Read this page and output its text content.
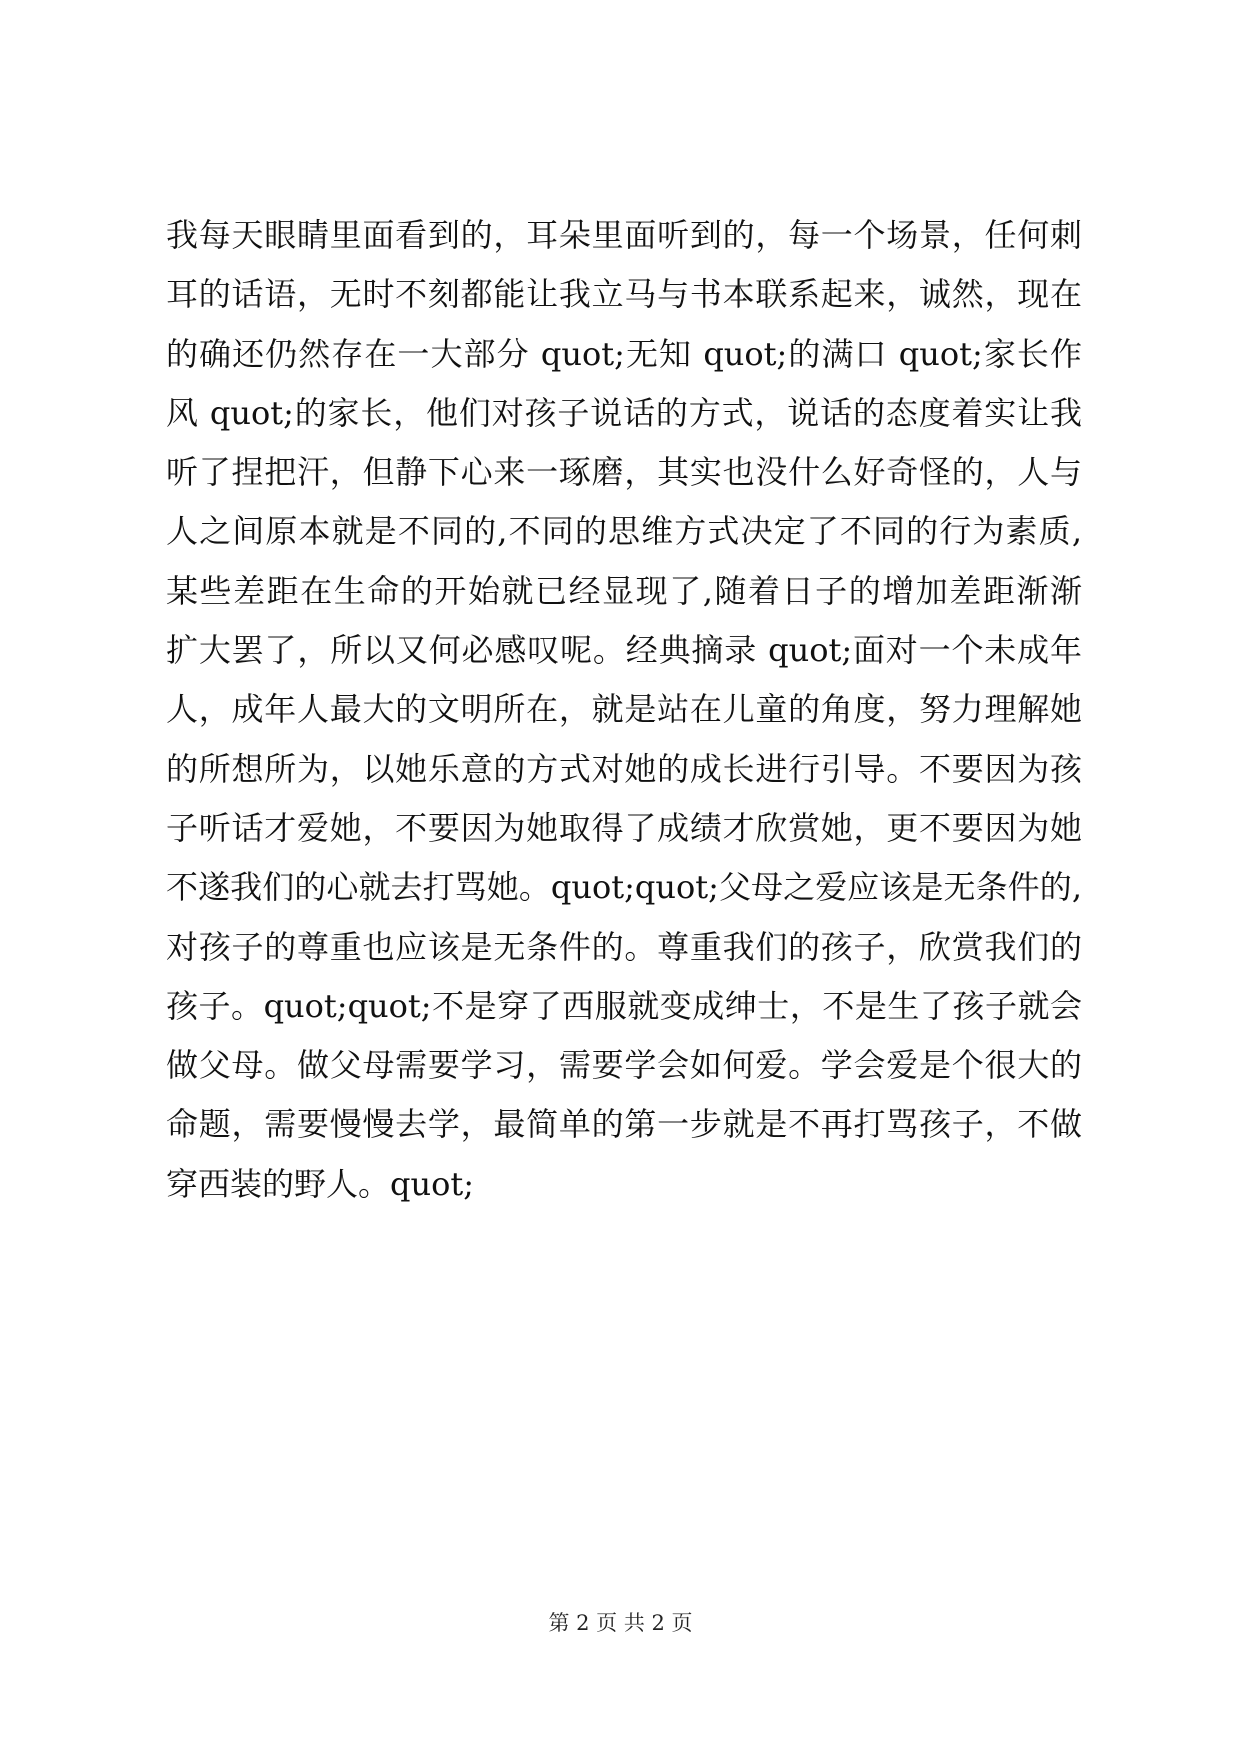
我每天眼睛里面看到的，耳朵里面听到的，每一个场景，任何刺
耳的话语，无时不刻都能让我立马与书本联系起来，诚然，现在
的确还仍然存在一大部分 quot;无知 quot;的满口 quot;家长作
风 quot;的家长，他们对孩子说话的方式，说话的态度着实让我
听了捏把汗，但静下心来一琢磨，其实也没什么好奇怪的，人与
人之间原本就是不同的,不同的思维方式决定了不同的行为素质,
某些差距在生命的开始就已经显现了,随着日子的增加差距渐渐
扩大罢了，所以又何必感叹呢。经典摘录 quot;面对一个未成年
人，成年人最大的文明所在，就是站在儿童的角度，努力理解她
的所想所为，以她乐意的方式对她的成长进行引导。不要因为孩
子听话才爱她，不要因为她取得了成绩才欣赏她，更不要因为她
不遂我们的心就去打骂她。quot;quot;父母之爱应该是无条件的,
对孩子的尊重也应该是无条件的。尊重我们的孩子，欣赏我们的
孩子。quot;quot;不是穿了西服就变成绅士，不是生了孩子就会
做父母。做父母需要学习，需要学会如何爱。学会爱是个很大的
命题，需要慢慢去学，最简单的第一步就是不再打骂孩子，不做
穿西装的野人。quot;
第 2 页 共 2 页
